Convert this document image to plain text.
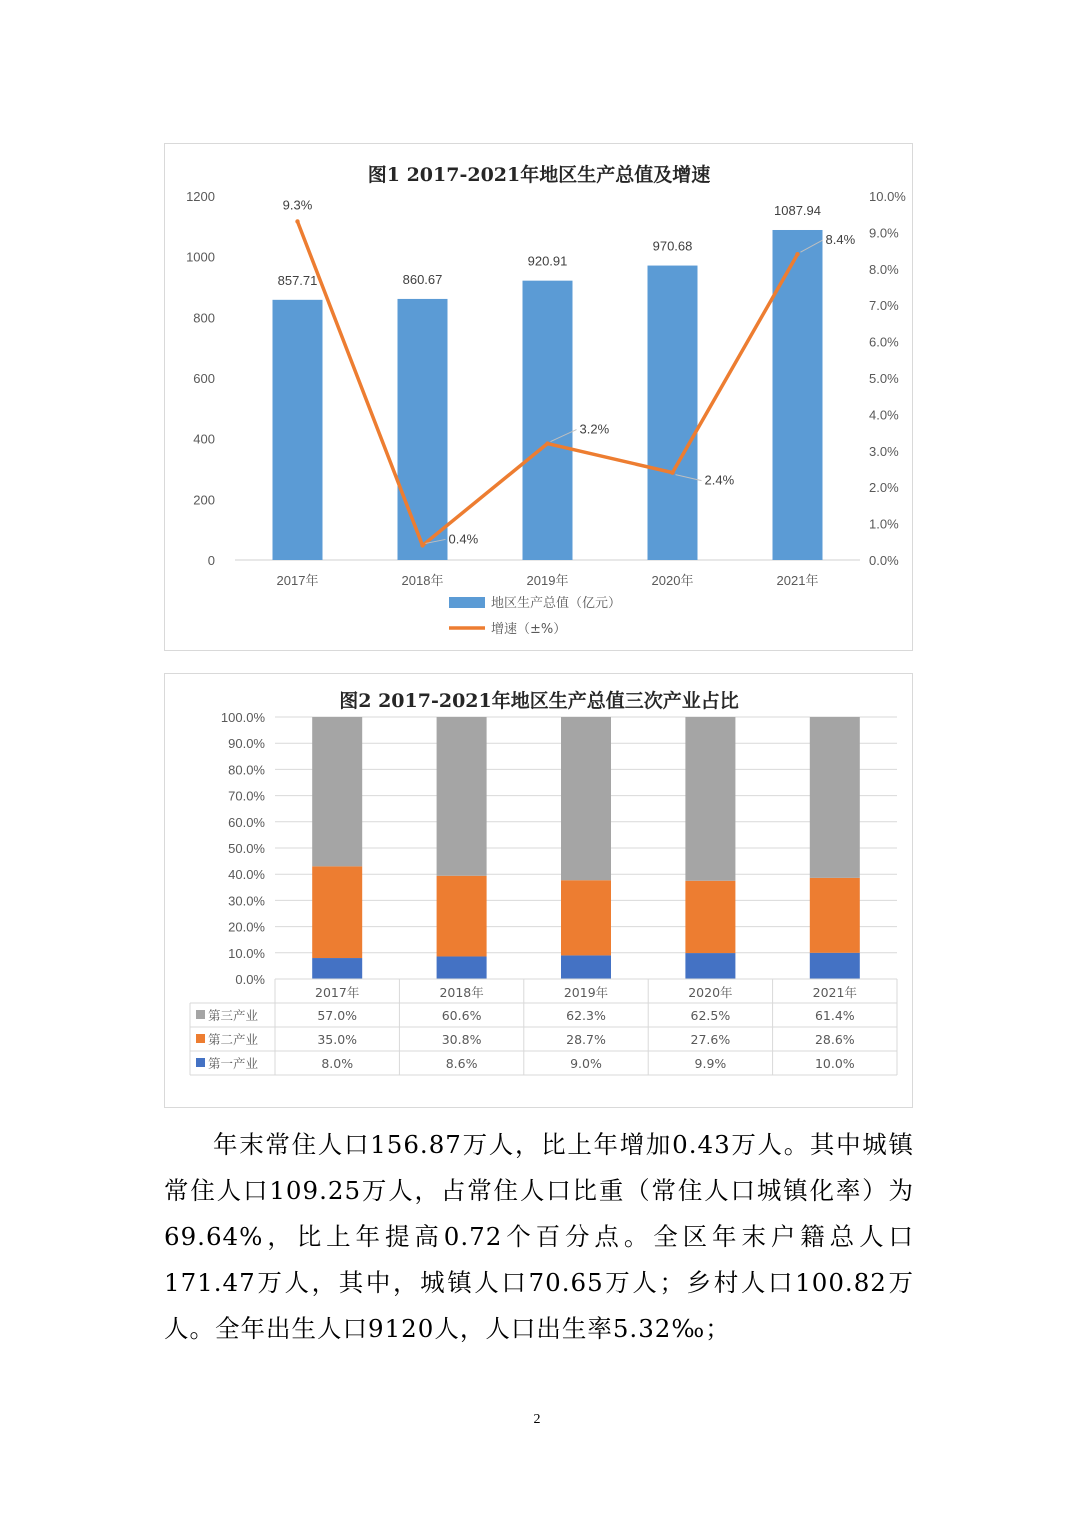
图1 2017-2021年地区生产总值及增速
0
200
400
600
800
1000
1200
0.0%
1.0%
2.0%
3.0%
4.0%
5.0%
6.0%
7.0%
8.0%
9.0%
10.0%
857.71
2017年
860.67
2018年
920.91
2019年
970.68
2020年
1087.94
2021年
9.3%
0.4%
3.2%
2.4%
8.4%
地区生产总值（亿元）
增速（±%）
图2 2017-2021年地区生产总值三次产业占比
0.0%
10.0%
20.0%
30.0%
40.0%
50.0%
60.0%
70.0%
80.0%
90.0%
100.0%
2017年	2018年	2019年	2020年	2021年
第三产业	57.0%	60.6%	62.3%	62.5%	61.4%
第二产业	35.0%	30.8%	28.7%	27.6%	28.6%
第一产业	8.0%	8.6%	9.0%	9.9%	10.0%

年末常住人口156.87万人，比上年增加0.43万人。其中城镇常住人口109.25万人，占常住人口比重（常住人口城镇化率）为69.64%，比上年提高0.72个百分点。全区年末户籍总人口171.47万人，其中，城镇人口70.65万人；乡村人口100.82万人。全年出生人口9120人，人口出生率5.32‰；

2
